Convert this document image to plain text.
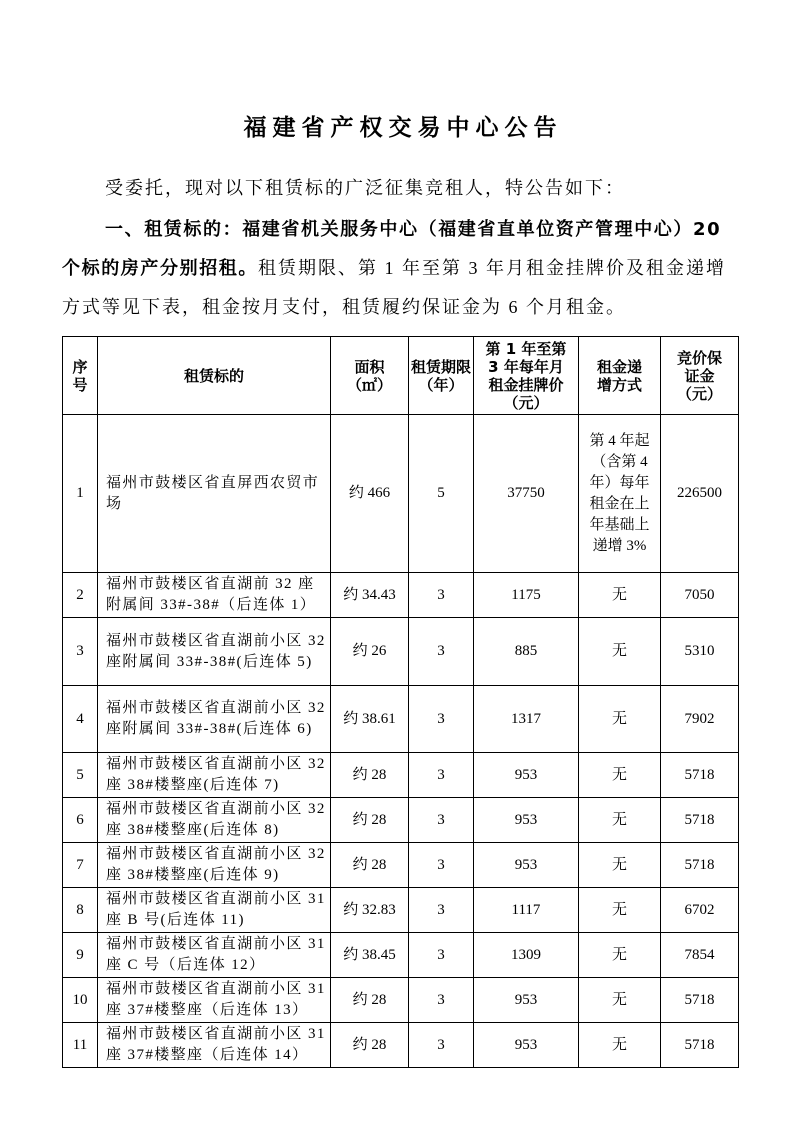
福建省产权交易中心公告

受委托，现对以下租赁标的广泛征集竞租人，特公告如下：

一、租赁标的：福建省机关服务中心（福建省直单位资产管理中心）20 个标的房产分别招租。租赁期限、第 1 年至第 3 年月租金挂牌价及租金递增方式等见下表，租金按月支付，租赁履约保证金为 6 个月租金。

序号	租赁标的	面积（㎡）	租赁期限（年）	第 1 年至第 3 年每年月租金挂牌价（元）	租金递增方式	竞价保证金（元）
1	福州市鼓楼区省直屏西农贸市场	约 466	5	37750	第 4 年起（含第 4 年）每年租金在上年基础上递增 3%	226500
2	福州市鼓楼区省直湖前 32 座附属间 33#-38#（后连体 1）	约 34.43	3	1175	无	7050
3	福州市鼓楼区省直湖前小区 32 座附属间 33#-38#(后连体 5)	约 26	3	885	无	5310
4	福州市鼓楼区省直湖前小区 32 座附属间 33#-38#(后连体 6)	约 38.61	3	1317	无	7902
5	福州市鼓楼区省直湖前小区 32 座 38#楼整座(后连体 7)	约 28	3	953	无	5718
6	福州市鼓楼区省直湖前小区 32 座 38#楼整座(后连体 8)	约 28	3	953	无	5718
7	福州市鼓楼区省直湖前小区 32 座 38#楼整座(后连体 9)	约 28	3	953	无	5718
8	福州市鼓楼区省直湖前小区 31 座 B 号(后连体 11)	约 32.83	3	1117	无	6702
9	福州市鼓楼区省直湖前小区 31 座 C 号（后连体 12）	约 38.45	3	1309	无	7854
10	福州市鼓楼区省直湖前小区 31 座 37#楼整座（后连体 13）	约 28	3	953	无	5718
11	福州市鼓楼区省直湖前小区 31 座 37#楼整座（后连体 14）	约 28	3	953	无	5718
